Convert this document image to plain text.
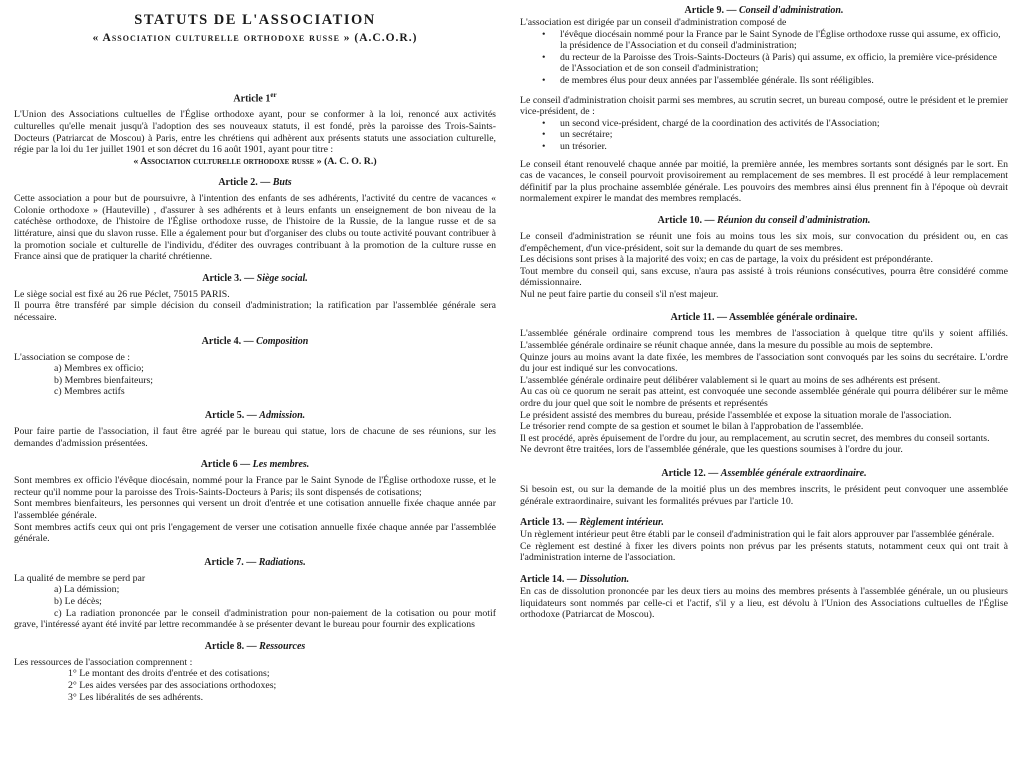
STATUTS DE L'ASSOCIATION
« Association culturelle orthodoxe russe » (A.C.O.R.)
Article 1er

L'Union des Associations cultuelles de l'Église orthodoxe ayant, pour se conformer à la loi, renoncé aux activités culturelles qu'elle menait jusqu'à l'adoption des ses nouveaux statuts, il est fondé, près la paroisse des Trois-Saints-Docteurs (Patriarcat de Moscou) à Paris, entre les chrétiens qui adhèrent aux présents statuts une association culturelle, régie par la loi du 1er juillet 1901 et son décret du 16 août 1901, ayant pour titre :

« Association culturelle orthodoxe russe » (A. C. O. R.)

Article 2. — Buts

Cette association a pour but de poursuivre, à l'intention des enfants de ses adhérents, l'activité du centre de vacances « Colonie orthodoxe » (Hauteville) , d'assurer à ses adhérents et à leurs enfants un enseignement de bon niveau de la catéchèse orthodoxe, de l'histoire de l'Église orthodoxe russe, de l'histoire de la Russie, de la langue russe et de sa littérature, ainsi que du slavon russe. Elle a également pour but d'organiser des clubs ou toute activité pouvant contribuer à la promotion sociale et culturelle de l'individu, d'éditer des ouvrages contribuant à la promotion de la culture russe en France ainsi que de pratiquer la charité chrétienne.

Article 3. — Siège social.

Le siège social est fixé au 26 rue Péclet, 75015 PARIS.

Il pourra être transféré par simple décision du conseil d'administration; la ratification par l'assemblée générale sera nécessaire.

Article 4. — Composition

L'association se compose de :

a) Membres ex officio;
b) Membres bienfaiteurs;
c) Membres actifs
Article 5. — Admission.

Pour faire partie de l'association, il faut être agréé par le bureau qui statue, lors de chacune de ses réunions, sur les demandes d'admission présentées.

Article 6 — Les membres.

Sont membres ex officio l'évêque diocésain, nommé pour la France par le Saint Synode de l'Église orthodoxe russe, et le recteur qu'il nomme pour la paroisse des Trois-Saints-Docteurs à Paris; ils sont dispensés de cotisations;

Sont membres bienfaiteurs, les personnes qui versent un droit d'entrée et une cotisation annuelle fixée chaque année par l'assemblée générale.

Sont membres actifs ceux qui ont pris l'engagement de verser une cotisation annuelle fixée chaque année par l'assemblée générale.

Article 7. — Radiations.

La qualité de membre se perd par

a) La démission;
b) Le décès;

c) La radiation prononcée par le conseil d'administration pour non-paiement de la cotisation ou pour motif grave, l'intéressé ayant été invité par lettre recommandée à se présenter devant le bureau pour fournir des explications

Article 8. — Ressources

Les ressources de l'association comprennent :

1° Le montant des droits d'entrée et des cotisations;
2° Les aides versées par des associations orthodoxes;
3° Les libéralités de ses adhérents.
Article 9. — Conseil d'administration.

L'association est dirigée par un conseil d'administration composé de

• l'évêque diocésain nommé pour la France par le Saint Synode de l'Église orthodoxe russe qui assume, ex officio, la présidence de l'Association et du conseil d'administration;
• du recteur de la Paroisse des Trois-Saints-Docteurs (à Paris) qui assume, ex officio, la première vice-présidence de l'Association et de son conseil d'administration;
• de membres élus pour deux années par l'assemblée générale. Ils sont rééligibles.

Le conseil d'administration choisit parmi ses membres, au scrutin secret, un bureau composé, outre le président et le premier vice-président, de :

• un second vice-président, chargé de la coordination des activités de l'Association;
• un secrétaire;
• un trésorier.

Le conseil étant renouvelé chaque année par moitié, la première année, les membres sortants sont désignés par le sort. En cas de vacances, le conseil pourvoit provisoirement au remplacement de ses membres. Il est procédé à leur remplacement définitif par la plus prochaine assemblée générale. Les pouvoirs des membres ainsi élus prennent fin à l'époque où devrait normalement expirer le mandat des membres remplacés.

Article 10. — Réunion du conseil d'administration.

Le conseil d'administration se réunit une fois au moins tous les six mois, sur convocation du président ou, en cas d'empêchement, d'un vice-président, soit sur la demande du quart de ses membres.

Les décisions sont prises à la majorité des voix; en cas de partage, la voix du président est prépondérante.

Tout membre du conseil qui, sans excuse, n'aura pas assisté à trois réunions consécutives, pourra être considéré comme démissionnaire.

Nul ne peut faire partie du conseil s'il n'est majeur.

Article 11. — Assemblée générale ordinaire.

L'assemblée générale ordinaire comprend tous les membres de l'association à quelque titre qu'ils y soient affiliés. L'assemblée générale ordinaire se réunit chaque année, dans la mesure du possible au mois de septembre.

Quinze jours au moins avant la date fixée, les membres de l'association sont convoqués par les soins du secrétaire. L'ordre du jour est indiqué sur les convocations.

L'assemblée générale ordinaire peut délibérer valablement si le quart au moins de ses adhérents est présent.

Au cas où ce quorum ne serait pas atteint, est convoquée une seconde assemblée générale qui pourra délibérer sur le même ordre du jour quel que soit le nombre de présents et représentés

Le président assisté des membres du bureau, préside l'assemblée et expose la situation morale de l'association.

Le trésorier rend compte de sa gestion et soumet le bilan à l'approbation de l'assemblée.

Il est procédé, après épuisement de l'ordre du jour, au remplacement, au scrutin secret, des membres du conseil sortants.

Ne devront être traitées, lors de l'assemblée générale, que les questions soumises à l'ordre du jour.

Article 12. — Assemblée générale extraordinaire.

Si besoin est, ou sur la demande de la moitié plus un des membres inscrits, le président peut convoquer une assemblée générale extraordinaire, suivant les formalités prévues par l'article 10.

Article 13. — Règlement intérieur.

Un règlement intérieur peut être établi par le conseil d'administration qui le fait alors approuver par l'assemblée générale.

Ce règlement est destiné à fixer les divers points non prévus par les présents statuts, notamment ceux qui ont trait à l'administration interne de l'association.

Article 14. — Dissolution.

En cas de dissolution prononcée par les deux tiers au moins des membres présents à l'assemblée générale, un ou plusieurs liquidateurs sont nommés par celle-ci et l'actif, s'il y a lieu, est dévolu à l'Union des Associations cultuelles de l'Église orthodoxe (Patriarcat de Moscou).
